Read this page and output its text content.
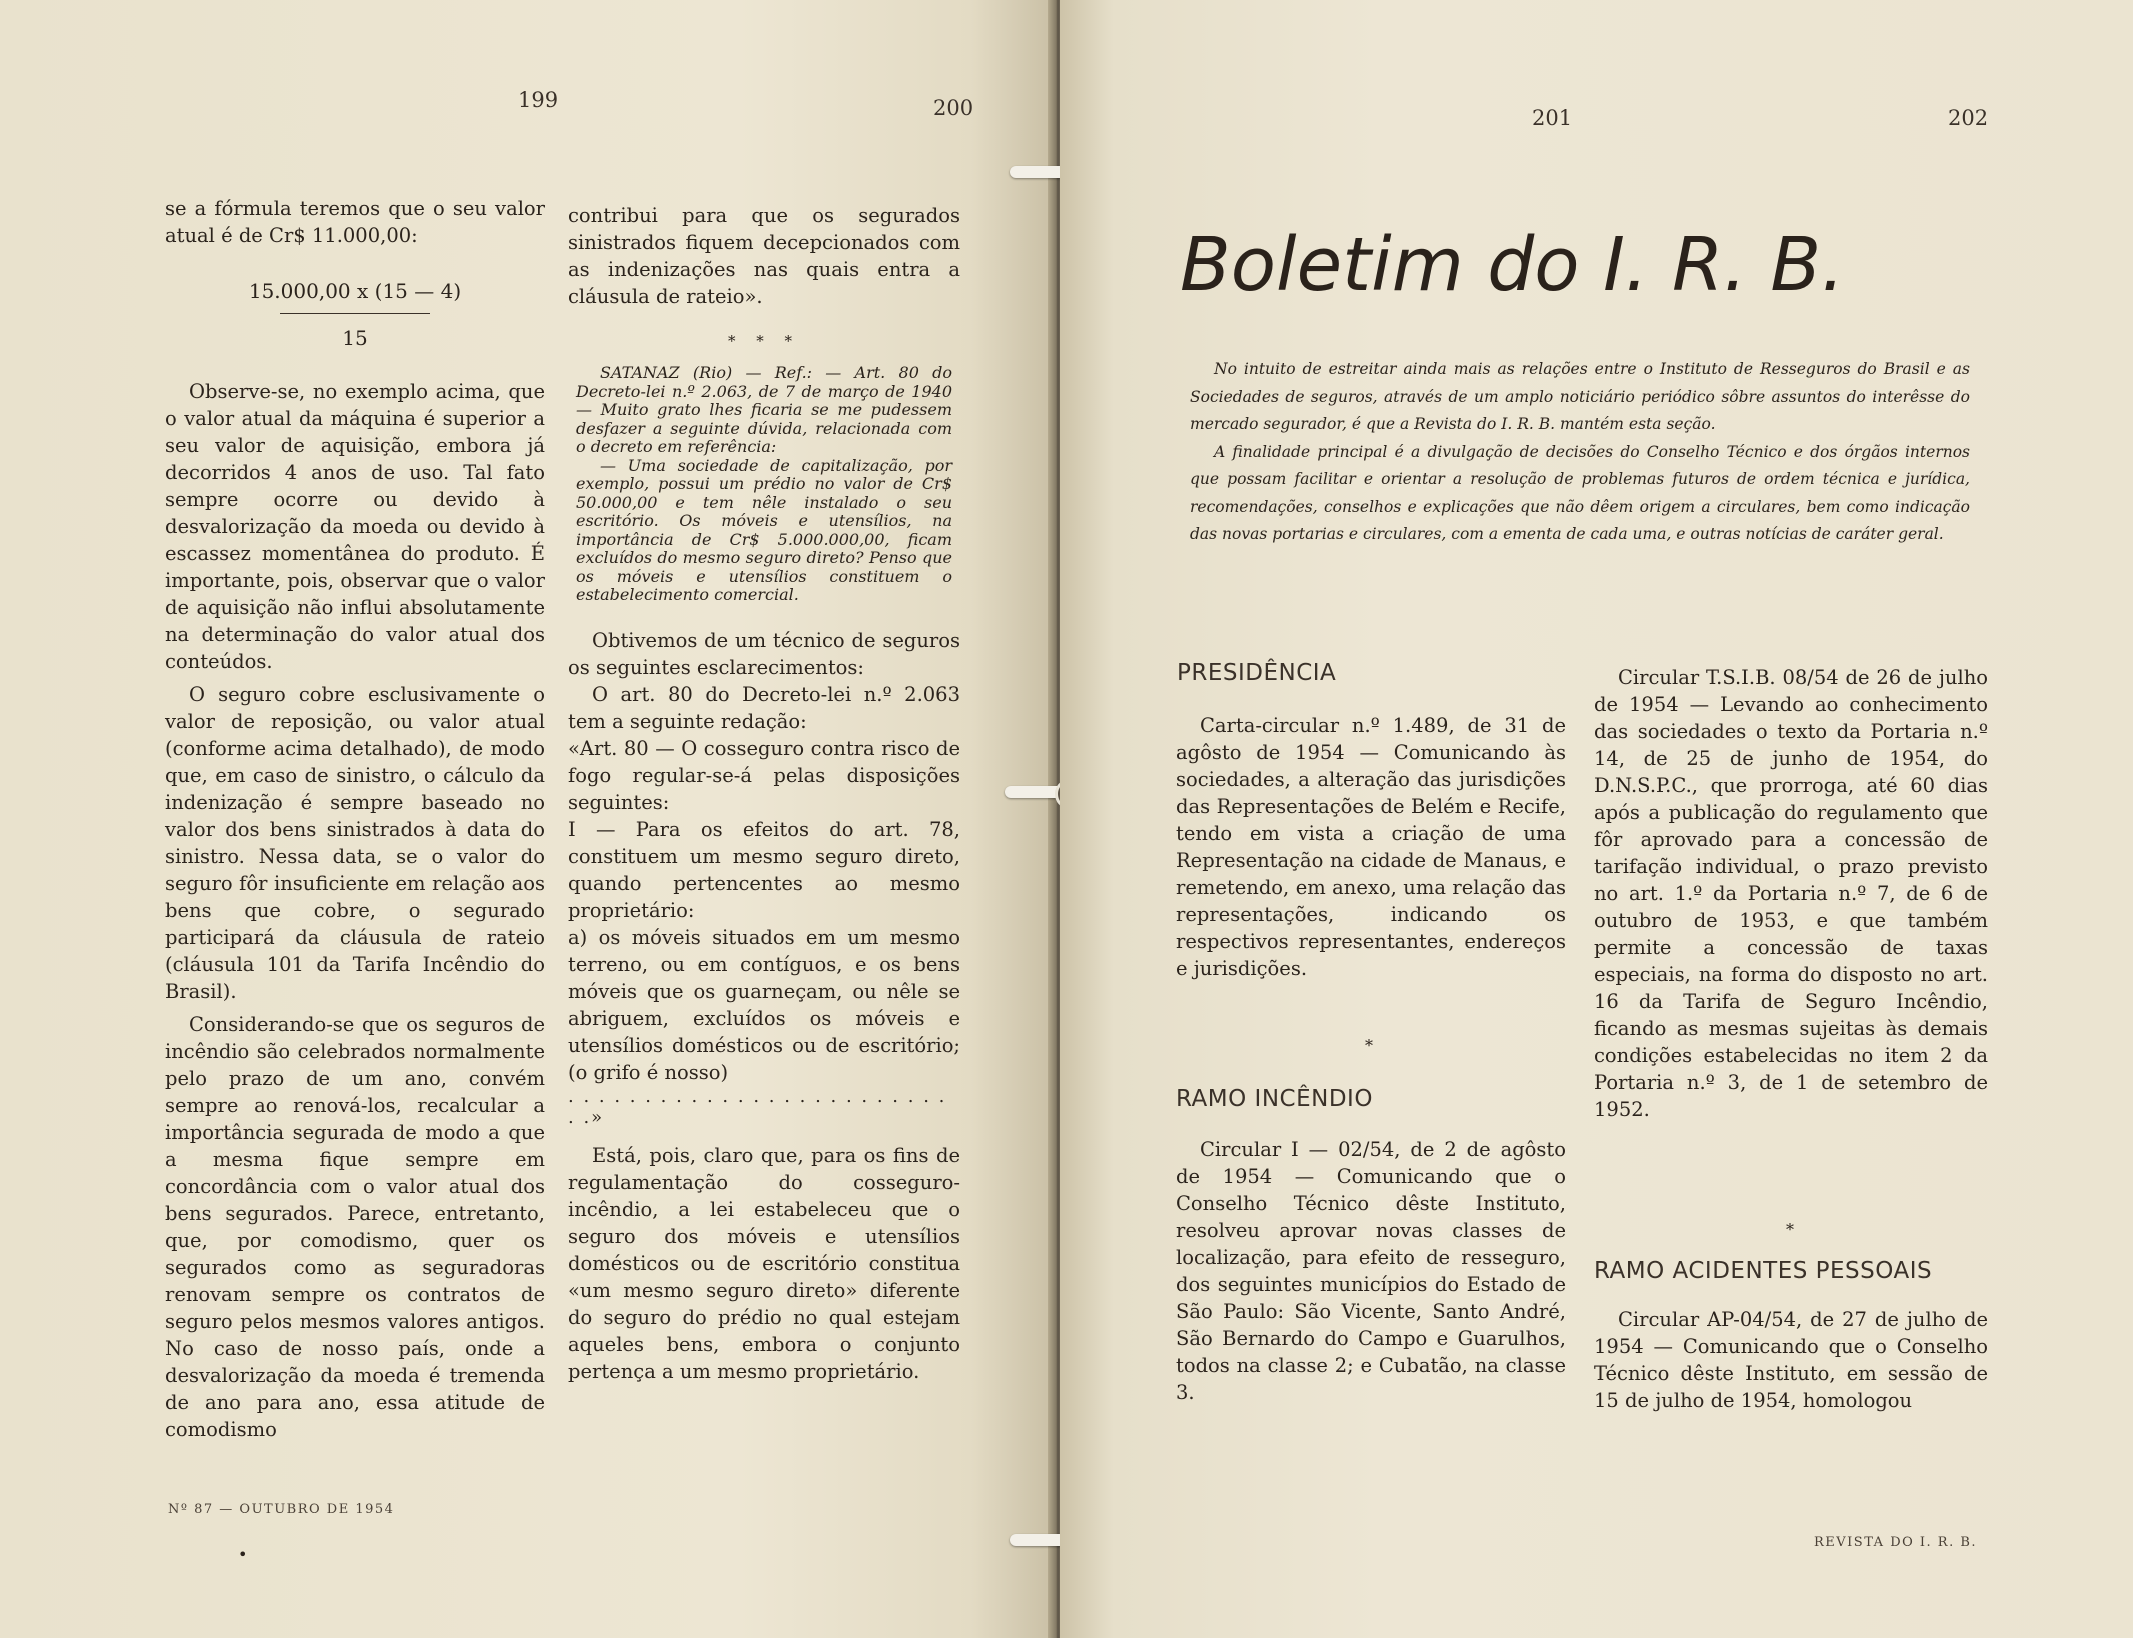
199	200

se a fórmula teremos que o seu valor atual é de Cr$ 11.000,00:

15.000,00 x (15 — 4)
15

Observe-se, no exemplo acima, que o valor atual da máquina é superior a seu valor de aquisição, embora já decorridos 4 anos de uso. Tal fato sempre ocorre ou devido à desvalorização da moeda ou devido à escassez momentânea do produto. É importante, pois, observar que o valor de aquisição não influi absolutamente na determinação do valor atual dos conteúdos.

O seguro cobre esclusivamente o valor de reposição, ou valor atual (conforme acima detalhado), de modo que, em caso de sinistro, o cálculo da indenização é sempre baseado no valor dos bens sinistrados à data do sinistro. Nessa data, se o valor do seguro fôr insuficiente em relação aos bens que cobre, o segurado participará da cláusula de rateio (cláusula 101 da Tarifa Incêndio do Brasil).

Considerando-se que os seguros de incêndio são celebrados normalmente pelo prazo de um ano, convém sempre ao renová-los, recalcular a importância segurada de modo a que a mesma fique sempre em concordância com o valor atual dos bens segurados. Parece, entretanto, que, por comodismo, quer os segurados como as seguradoras renovam sempre os contratos de seguro pelos mesmos valores antigos. No caso de nosso país, onde a desvalorização da moeda é tremenda de ano para ano, essa atitude de comodismo

contribui para que os segurados sinistrados fiquem decepcionados com as indenizações nas quais entra a cláusula de rateio».

* * *

SATANAZ (Rio) — Ref.: — Art. 80 do Decreto-lei n.º 2.063, de 7 de março de 1940 — Muito grato lhes ficaria se me pudessem desfazer a seguinte dúvida, relacionada com o decreto em referência:

— Uma sociedade de capitalização, por exemplo, possui um prédio no valor de Cr$ 50.000,00 e tem nêle instalado o seu escritório. Os móveis e utensílios, na importância de Cr$ 5.000.000,00, ficam excluídos do mesmo seguro direto? Penso que os móveis e utensílios constituem o estabelecimento comercial.

Obtivemos de um técnico de seguros os seguintes esclarecimentos:

O art. 80 do Decreto-lei n.º 2.063 tem a seguinte redação:

«Art. 80 — O cosseguro contra risco de fogo regular-se-á pelas disposições seguintes:

I — Para os efeitos do art. 78, constituem um mesmo seguro direto, quando pertencentes ao mesmo proprietário:

a) os móveis situados em um mesmo terreno, ou em contíguos, e os bens móveis que os guarneçam, ou nêle se abriguem, excluídos os móveis e utensílios domésticos ou de escritório; (o grifo é nosso)

. . . . . . . . . . . . . . . . . . . . . . . . . . .»

Está, pois, claro que, para os fins de regulamentação do cosseguro-incêndio, a lei estabeleceu que o seguro dos móveis e utensílios domésticos ou de escritório constitua «um mesmo seguro direto» diferente do seguro do prédio no qual estejam aqueles bens, embora o conjunto pertença a um mesmo proprietário.

Nº 87 — OUTUBRO DE 1954
•
201	202
Boletim do I. R. B.

No intuito de estreitar ainda mais as relações entre o Instituto de Resseguros do Brasil e as Sociedades de seguros, através de um amplo noticiário periódico sôbre assuntos do interêsse do mercado segurador, é que a Revista do I. R. B. mantém esta seção.

A finalidade principal é a divulgação de decisões do Conselho Técnico e dos órgãos internos que possam facilitar e orientar a resolução de problemas futuros de ordem técnica e jurídica, recomendações, conselhos e explicações que não dêem origem a circulares, bem como indicação das novas portarias e circulares, com a ementa de cada uma, e outras notícias de caráter geral.

PRESIDÊNCIA

Carta-circular n.º 1.489, de 31 de agôsto de 1954 — Comunicando às sociedades, a alteração das jurisdições das Representações de Belém e Recife, tendo em vista a criação de uma Representação na cidade de Manaus, e remetendo, em anexo, uma relação das representações, indicando os respectivos representantes, endereços e jurisdições.

*
RAMO INCÊNDIO

Circular I — 02/54, de 2 de agôsto de 1954 — Comunicando que o Conselho Técnico dêste Instituto, resolveu aprovar novas classes de localização, para efeito de resseguro, dos seguintes municípios do Estado de São Paulo: São Vicente, Santo André, São Bernardo do Campo e Guarulhos, todos na classe 2; e Cubatão, na classe 3.

Circular T.S.I.B. 08/54 de 26 de julho de 1954 — Levando ao conhecimento das sociedades o texto da Portaria n.º 14, de 25 de junho de 1954, do D.N.S.P.C., que prorroga, até 60 dias após a publicação do regulamento que fôr aprovado para a concessão de tarifação individual, o prazo previsto no art. 1.º da Portaria n.º 7, de 6 de outubro de 1953, e que também permite a concessão de taxas especiais, na forma do disposto no art. 16 da Tarifa de Seguro Incêndio, ficando as mesmas sujeitas às demais condições estabelecidas no item 2 da Portaria n.º 3, de 1 de setembro de 1952.

*
RAMO ACIDENTES PESSOAIS

Circular AP-04/54, de 27 de julho de 1954 — Comunicando que o Conselho Técnico dêste Instituto, em sessão de 15 de julho de 1954, homologou

REVISTA DO I. R. B.
